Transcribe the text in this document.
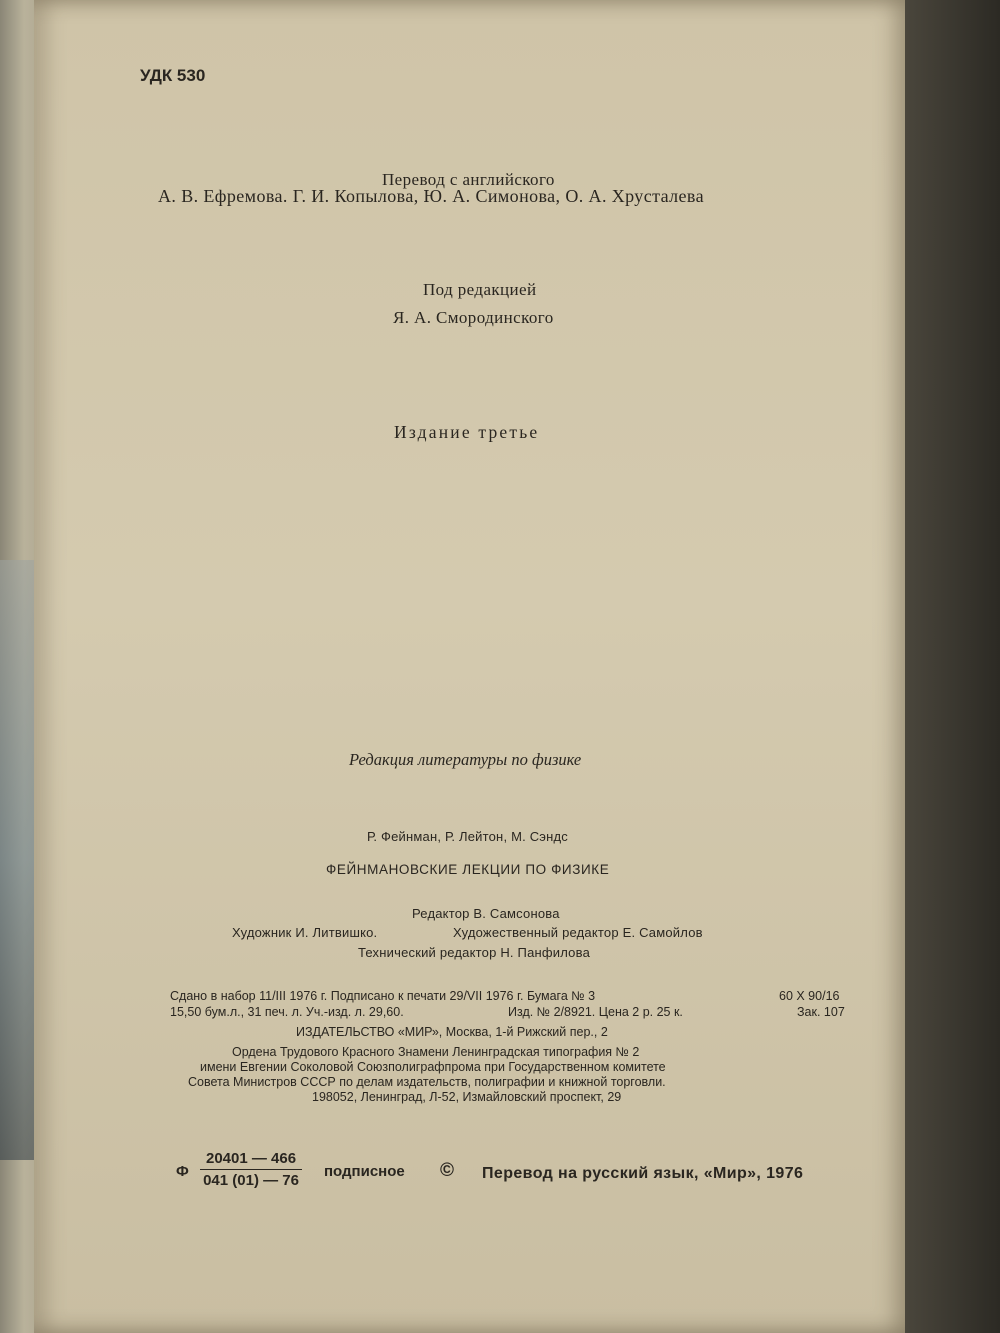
УДК 530
Перевод с английского
А. В. Ефремова. Г. И. Копылова, Ю. А. Симонова, О. А. Хрусталева
Под редакцией
Я. А. Смородинского
Издание третье
Редакция литературы по физике
Р. Фейнман, Р. Лейтон, М. Сэндс
ФЕЙНМАНОВСКИЕ ЛЕКЦИИ ПО ФИЗИКЕ
Редактор В. Самсонова
Художник И. Литвишко.	Художественный редактор Е. Самойлов
Технический редактор Н. Панфилова
Сдано в набор 11/III 1976 г. Подписано к печати 29/VII 1976 г. Бумага № 3	60 X 90/16
15,50 бум.л., 31 печ. л. Уч.-изд. л. 29,60.	Изд. № 2/8921. Цена 2 р. 25 к.	Зак. 107
ИЗДАТЕЛЬСТВО «МИР», Москва, 1-й Рижский пер., 2
Ордена Трудового Красного Знамени Ленинградская типография № 2
имени Евгении Соколовой Союзполиграфпрома при Государственном комитете
Совета Министров СССР по делам издательств, полиграфии и книжной торговли.
198052, Ленинград, Л-52, Измайловский проспект, 29
Ф $\frac{20401 — 466}{041 (01) — 76}$ подписное © Перевод на русский язык, «Мир», 1976
